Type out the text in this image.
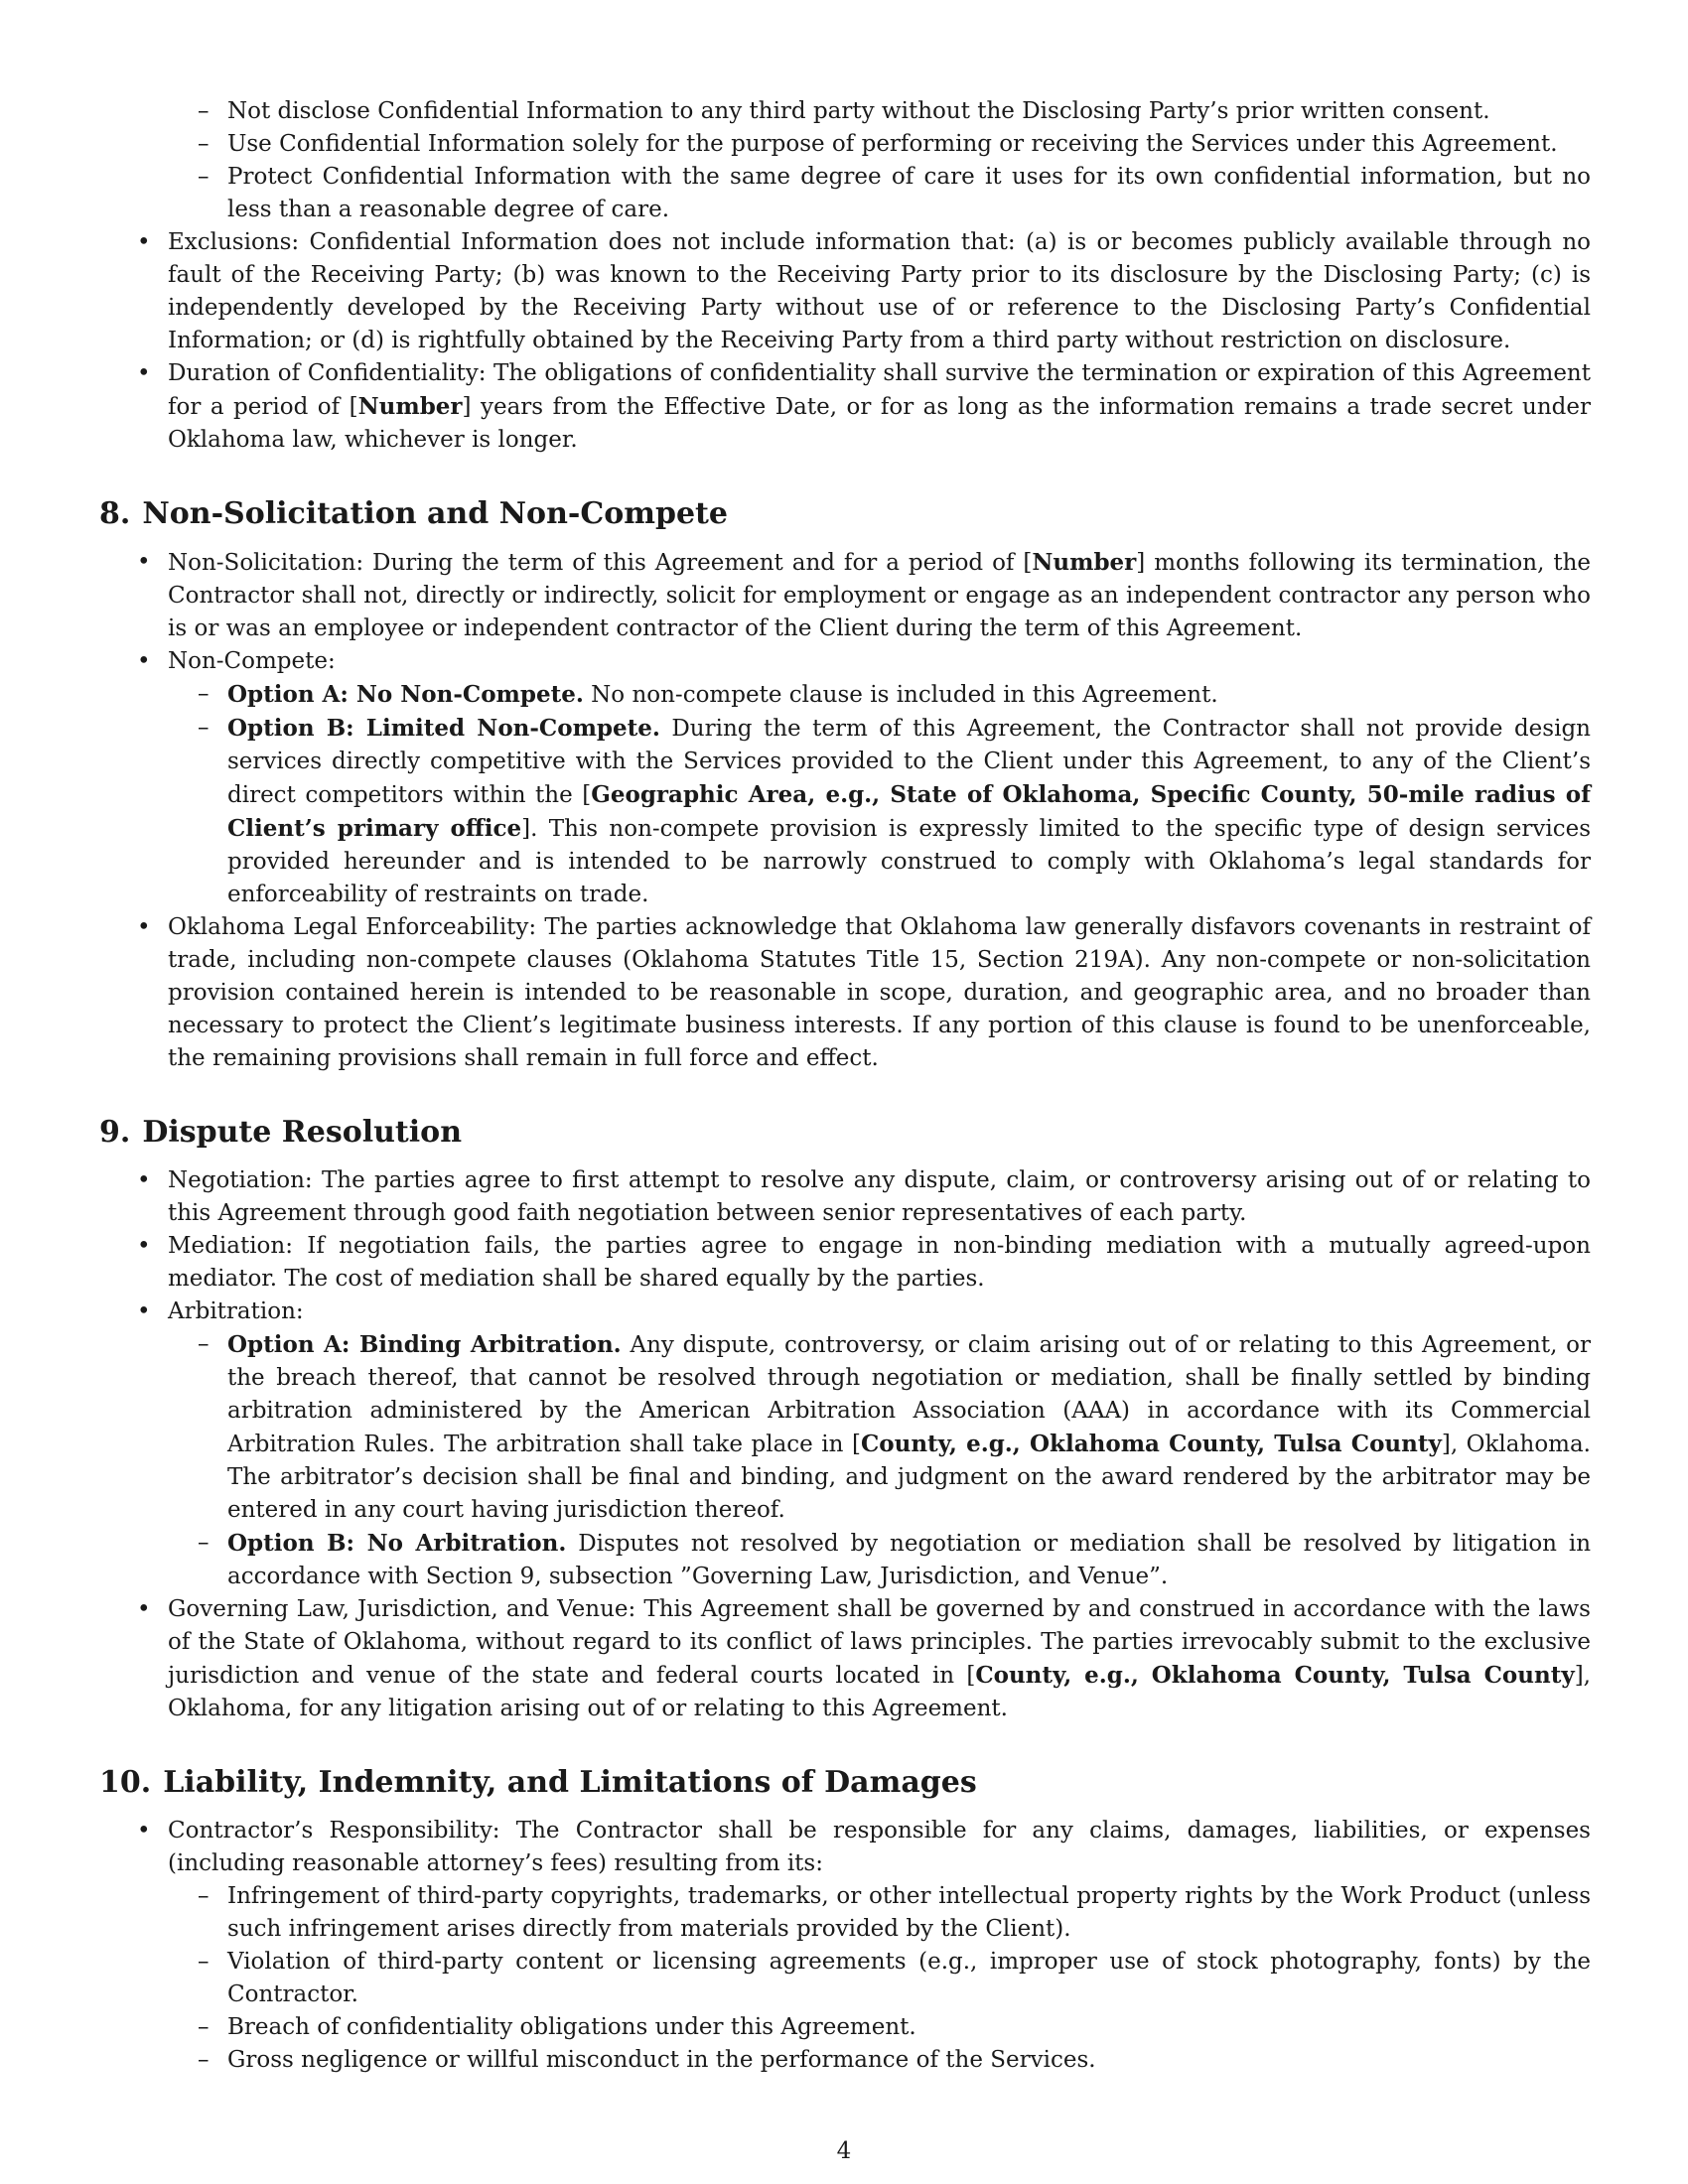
– Not disclose Confidential Information to any third party without the Disclosing Party’s prior written consent.
– Use Confidential Information solely for the purpose of performing or receiving the Services under this Agreement.
– Protect Confidential Information with the same degree of care it uses for its own confidential information, but no less than a reasonable degree of care.
• Exclusions: Confidential Information does not include information that: (a) is or becomes publicly available through no fault of the Receiving Party; (b) was known to the Receiving Party prior to its disclosure by the Disclosing Party; (c) is independently developed by the Receiving Party without use of or reference to the Disclosing Party’s Confidential Information; or (d) is rightfully obtained by the Receiving Party from a third party without restriction on disclosure.
• Duration of Confidentiality: The obligations of confidentiality shall survive the termination or expiration of this Agreement for a period of [Number] years from the Effective Date, or for as long as the information remains a trade secret under Oklahoma law, whichever is longer.
8. Non-Solicitation and Non-Compete
• Non-Solicitation: During the term of this Agreement and for a period of [Number] months following its termination, the Contractor shall not, directly or indirectly, solicit for employment or engage as an independent contractor any person who is or was an employee or independent contractor of the Client during the term of this Agreement.
• Non-Compete:
– Option A: No Non-Compete. No non-compete clause is included in this Agreement.
– Option B: Limited Non-Compete. During the term of this Agreement, the Contractor shall not provide design services directly competitive with the Services provided to the Client under this Agreement, to any of the Client’s direct competitors within the [Geographic Area, e.g., State of Oklahoma, Specific County, 50-mile radius of Client’s primary office]. This non-compete provision is expressly limited to the specific type of design services provided hereunder and is intended to be narrowly construed to comply with Oklahoma’s legal standards for enforceability of restraints on trade.
• Oklahoma Legal Enforceability: The parties acknowledge that Oklahoma law generally disfavors covenants in restraint of trade, including non-compete clauses (Oklahoma Statutes Title 15, Section 219A). Any non-compete or non-solicitation provision contained herein is intended to be reasonable in scope, duration, and geographic area, and no broader than necessary to protect the Client’s legitimate business interests. If any portion of this clause is found to be unenforceable, the remaining provisions shall remain in full force and effect.
9. Dispute Resolution
• Negotiation: The parties agree to first attempt to resolve any dispute, claim, or controversy arising out of or relating to this Agreement through good faith negotiation between senior representatives of each party.
• Mediation: If negotiation fails, the parties agree to engage in non-binding mediation with a mutually agreed-upon mediator. The cost of mediation shall be shared equally by the parties.
• Arbitration:
– Option A: Binding Arbitration. Any dispute, controversy, or claim arising out of or relating to this Agreement, or the breach thereof, that cannot be resolved through negotiation or mediation, shall be finally settled by binding arbitration administered by the American Arbitration Association (AAA) in accordance with its Commercial Arbitration Rules. The arbitration shall take place in [County, e.g., Oklahoma County, Tulsa County], Oklahoma. The arbitrator’s decision shall be final and binding, and judgment on the award rendered by the arbitrator may be entered in any court having jurisdiction thereof.
– Option B: No Arbitration. Disputes not resolved by negotiation or mediation shall be resolved by litigation in accordance with Section 9, subsection ”Governing Law, Jurisdiction, and Venue”.
• Governing Law, Jurisdiction, and Venue: This Agreement shall be governed by and construed in accordance with the laws of the State of Oklahoma, without regard to its conflict of laws principles. The parties irrevocably submit to the exclusive jurisdiction and venue of the state and federal courts located in [County, e.g., Oklahoma County, Tulsa County], Oklahoma, for any litigation arising out of or relating to this Agreement.
10. Liability, Indemnity, and Limitations of Damages
• Contractor’s Responsibility: The Contractor shall be responsible for any claims, damages, liabilities, or expenses (including reasonable attorney’s fees) resulting from its:
– Infringement of third-party copyrights, trademarks, or other intellectual property rights by the Work Product (unless such infringement arises directly from materials provided by the Client).
– Violation of third-party content or licensing agreements (e.g., improper use of stock photography, fonts) by the Contractor.
– Breach of confidentiality obligations under this Agreement.
– Gross negligence or willful misconduct in the performance of the Services.
4
